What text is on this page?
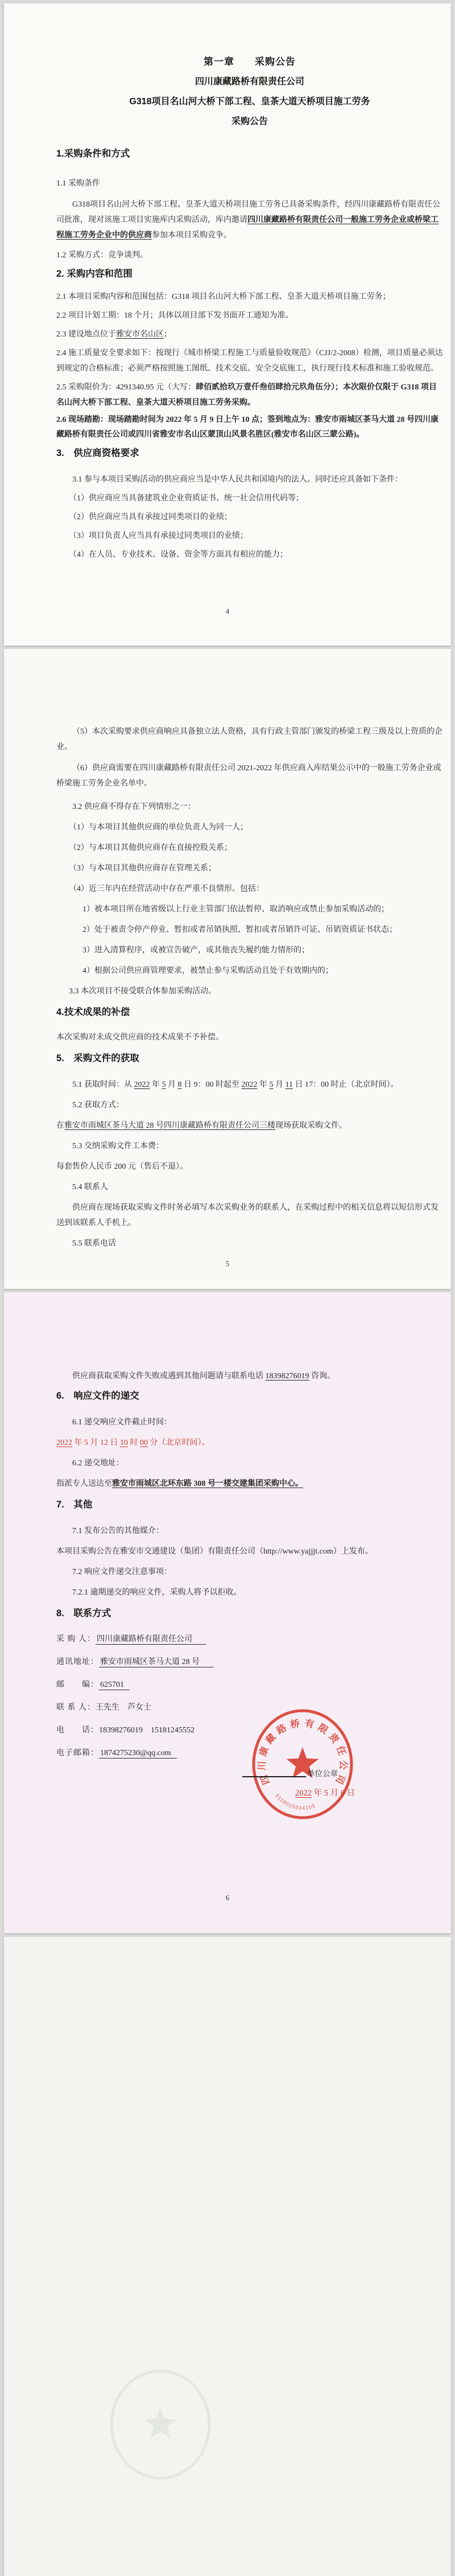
第一章　　采购公告
四川康藏路桥有限责任公司
G318项目名山河大桥下部工程、皇茶大道天桥项目施工劳务
采购公告
1.采购条件和方式

1.1 采购条件

G318项目名山河大桥下部工程、皇茶大道天桥项目施工劳务已具备采购条件，经四川康藏路桥有限责任公司批准，现对该施工项目实施库内采购活动，库内邀请四川康藏路桥有限责任公司一般施工劳务企业或桥梁工程施工劳务企业中的供应商参加本项目采购竞争。

1.2 采购方式：竞争谈判。

2. 采购内容和范围

2.1 本项目采购内容和范围包括：G318 项目名山河大桥下部工程、皇茶大道天桥项目施工劳务；

2.2 项目计划工期：18 个月；具体以项目部下发书面开工通知为准。

2.3 建设地点位于雅安市名山区；

2.4 施工质量安全要求如下：按现行《城市桥梁工程施工与质量验收规范》（CJJ/2-2008）检测，项目质量必须达到规定的合格标准；必须严格按照施工图纸、技术交底、安全交底施工，执行现行技术标准和施工验收规范。

2.5 采购限价为：4291340.95 元（大写：肆佰贰拾玖万壹仟叁佰肆拾元玖角伍分）；本次限价仅限于 G318 项目名山河大桥下部工程、皇茶大道天桥项目施工劳务采购。

2.6 现场踏勘：现场踏勘时间为 2022 年 5 月 9 日上午 10 点；签到地点为：雅安市雨城区茶马大道 28 号四川康藏路桥有限责任公司或四川省雅安市名山区蒙顶山风景名胜区(雅安市名山区三蒙公路)。

3.　供应商资格要求

3.1 参与本项目采购活动的供应商应当是中华人民共和国境内的法人。同时还应具备如下条件：

（1）供应商应当具备建筑业企业资质证书、统一社会信用代码等；

（2）供应商应当具有承接过同类项目的业绩；

（3）项目负责人应当具有承接过同类项目的业绩；

（4）在人员、专业技术、设备、资金等方面具有相应的能力；

4

（5）本次采购要求供应商响应具备独立法人资格，具有行政主管部门颁发的桥梁工程三级及以上资质的企业。

（6）供应商需要在四川康藏路桥有限责任公司 2021-2022 年供应商入库结果公示中的一般施工劳务企业或桥梁施工劳务企业名单中。

3.2 供应商不得存在下列情形之一：

（1）与本项目其他供应商的单位负责人为同一人；

（2）与本项目其他供应商存在直接控股关系；

（3）与本项目其他供应商存在管理关系；

（4）近三年内在经营活动中存在严重不良情形。包括：

1）被本项目所在地省级以上行业主管部门依法暂停、取消响应或禁止参加采购活动的；

2）处于被责令停产停业、暂扣或者吊销执照、暂扣或者吊销许可证、吊销资质证书状态；

3）进入清算程序，或被宣告破产，或其他丧失履约能力情形的；

4）根据公司供应商管理要求，被禁止参与采购活动且处于有效期内的；

3.3 本次项目不接受联合体参加采购活动。

4.技术成果的补偿

本次采购对未成交供应商的技术成果不予补偿。

5.　采购文件的获取

5.1 获取时间：从 2022 年 5 月 8 日 9：00 时起至 2022 年 5 月 11 日 17：00 时止（北京时间）。

5.2 获取方式：

在雅安市雨城区茶马大道 28 号四川康藏路桥有限责任公司三楼现场获取采购文件。

5.3 交纳采购文件工本费：

每套售价人民币 200 元（售后不退）。

5.4 联系人

供应商在现场获取采购文件时务必填写本次采购业务的联系人，在采购过程中的相关信息将以短信形式发送到该联系人手机上。

5.5 联系电话

5

供应商获取采购文件失败或遇到其他问题请与联系电话 18398276019 咨询。

6.　响应文件的递交

6.1 递交响应文件截止时间：

2022 年 5 月 12 日 10 时 00 分（北京时间）。

6.2 递交地址：

指派专人送达至雅安市雨城区北环东路 308 号一楼交建集团采购中心。

7.　其他

7.1 发布公告的其他媒介：

本项目采购公告在雅安市交通建设（集团）有限责任公司（http://www.yajjjt.com）上发布。

7.2 响应文件递交注意事项：

7.2.1 逾期递交的响应文件，采购人将予以拒收。

8.　联系方式

采 购 人： 四川康藏路桥有限责任公司

通讯地址： 雅安市雨城区茶马大道 28 号

邮　　编： 625701

联 系 人：王先生　芦女士

电　　话：18398276019　15181245552

电子邮箱： 1874275230@qq.com

四川康藏路桥有限责任公司
5118025034105
单位公章
2022 年 5 月 6 日
6
